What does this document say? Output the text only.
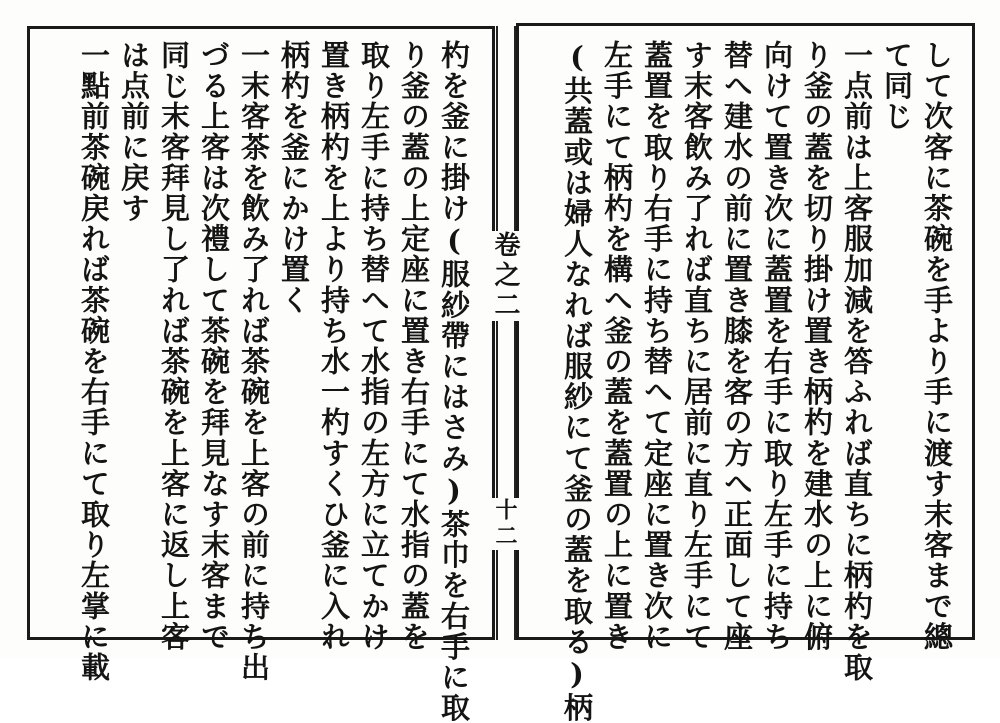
して次客に茶碗を手より手に渡す末客まで總
て同じ
一点前は上客服加減を答ふれば直ちに柄杓を取
り釜の蓋を切り掛け置き柄杓を建水の上に俯
向けて置き次に蓋置を右手に取り左手に持ち
替へ建水の前に置き膝を客の方へ正面して座
す末客飲み了れば直ちに居前に直り左手にて
蓋置を取り右手に持ち替へて定座に置き次に
左手にて柄杓を構へ釜の蓋を蓋置の上に置き
(共蓋或は婦人なれば服紗にて釜の蓋を取る)柄
卷之二
十二
杓を釜に掛け(服紗帶にはさみ)茶巾を右手に取
り釜の蓋の上定座に置き右手にて水指の蓋を
取り左手に持ち替へて水指の左方に立てかけ
置き柄杓を上より持ち水一杓すくひ釜に入れ
柄杓を釜にかけ置く
一末客茶を飲み了れば茶碗を上客の前に持ち出
づる上客は次禮して茶碗を拜見なす末客まで
同じ末客拜見し了れば茶碗を上客に返し上客
は点前に戻す
一點前茶碗戻れば茶碗を右手にて取り左掌に載
